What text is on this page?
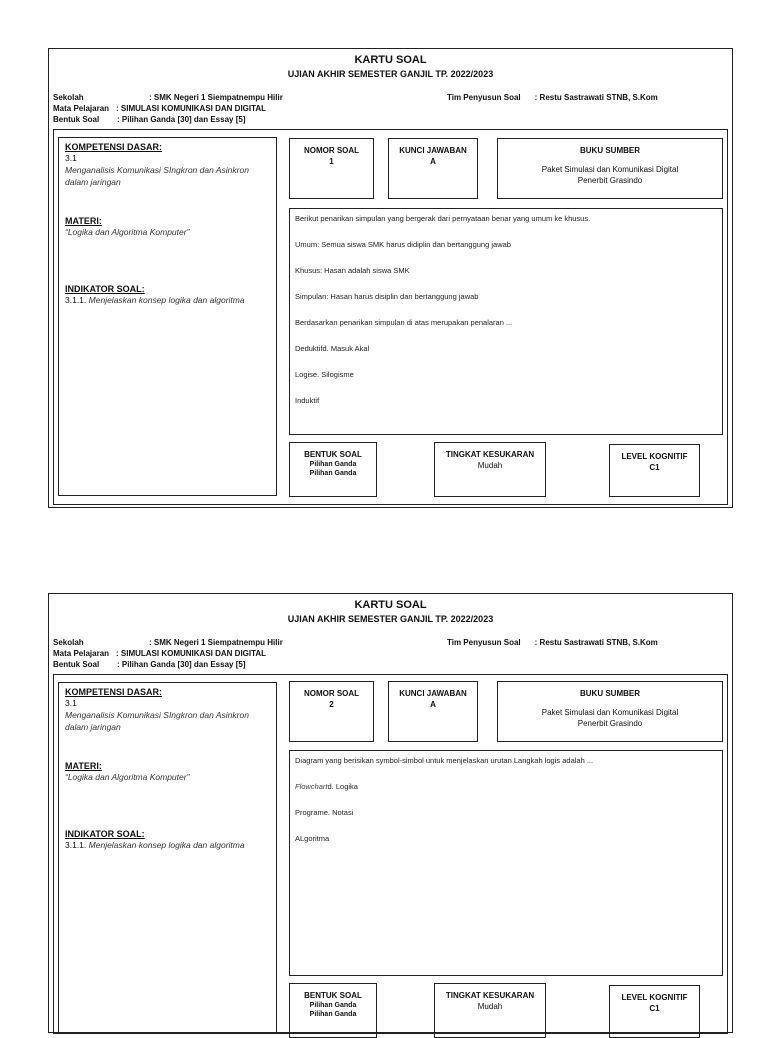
KARTU SOAL
UJIAN AKHIR SEMESTER GANJIL TP. 2022/2023
Sekolah	: SMK Negeri 1 Siempatnempu Hilir
Mata Pelajaran : SIMULASI KOMUNIKASI DAN DIGITAL
Bentuk Soal : Pilihan Ganda [30] dan Essay [5]
Tim Penyusun Soal : Restu Sastrawati STNB, S.Kom

KOMPETENSI DASAR:

3.1

Menganalisis Komunikasi SIngkron dan Asinkron dalam jaringan

MATERI:

“Logika dan Algoritma Komputer”

INDIKATOR SOAL:

3.1.1. Menjelaskan konsep logika dan algoritma

NOMOR SOAL
1
KUNCI JAWABAN
A
BUKU SUMBER
Paket Simulasi dan Komunikasi Digital
Penerbit Grasindo

Berikut penarikan simpulan yang bergerak dari pernyataan benar yang umum ke khusus.

Umum: Semua siswa SMK harus didiplin dan bertanggung jawab

Khusus: Hasan adalah siswa SMK

Simpulan: Hasan harus disiplin dan bertanggung jawab

Berdasarkan penarikan simpulan di atas merupakan penalaran ...

Deduktifd. Masuk Akal

Logise. Silogisme

Induktif

BENTUK SOAL
Pilihan Ganda
Pilihan Ganda
TINGKAT KESUKARAN
Mudah
LEVEL KOGNITIF
C1
KARTU SOAL
UJIAN AKHIR SEMESTER GANJIL TP. 2022/2023
Sekolah	: SMK Negeri 1 Siempatnempu Hilir
Mata Pelajaran : SIMULASI KOMUNIKASI DAN DIGITAL
Bentuk Soal : Pilihan Ganda [30] dan Essay [5]
Tim Penyusun Soal : Restu Sastrawati STNB, S.Kom

KOMPETENSI DASAR:

3.1

Menganalisis Komunikasi SIngkron dan Asinkron dalam jaringan

MATERI:

“Logika dan Algoritma Komputer”

INDIKATOR SOAL:

3.1.1. Menjelaskan konsep logika dan algoritma

NOMOR SOAL
2
KUNCI JAWABAN
A
BUKU SUMBER
Paket Simulasi dan Komunikasi Digital
Penerbit Grasindo

Diagram yang berisikan symbol-simbol untuk menjelaskan urutan Langkah logis adalah ...

Flowchartd. Logika

Programe. Notasi

ALgoritma

BENTUK SOAL
Pilihan Ganda
Pilihan Ganda
TINGKAT KESUKARAN
Mudah
LEVEL KOGNITIF
C1
